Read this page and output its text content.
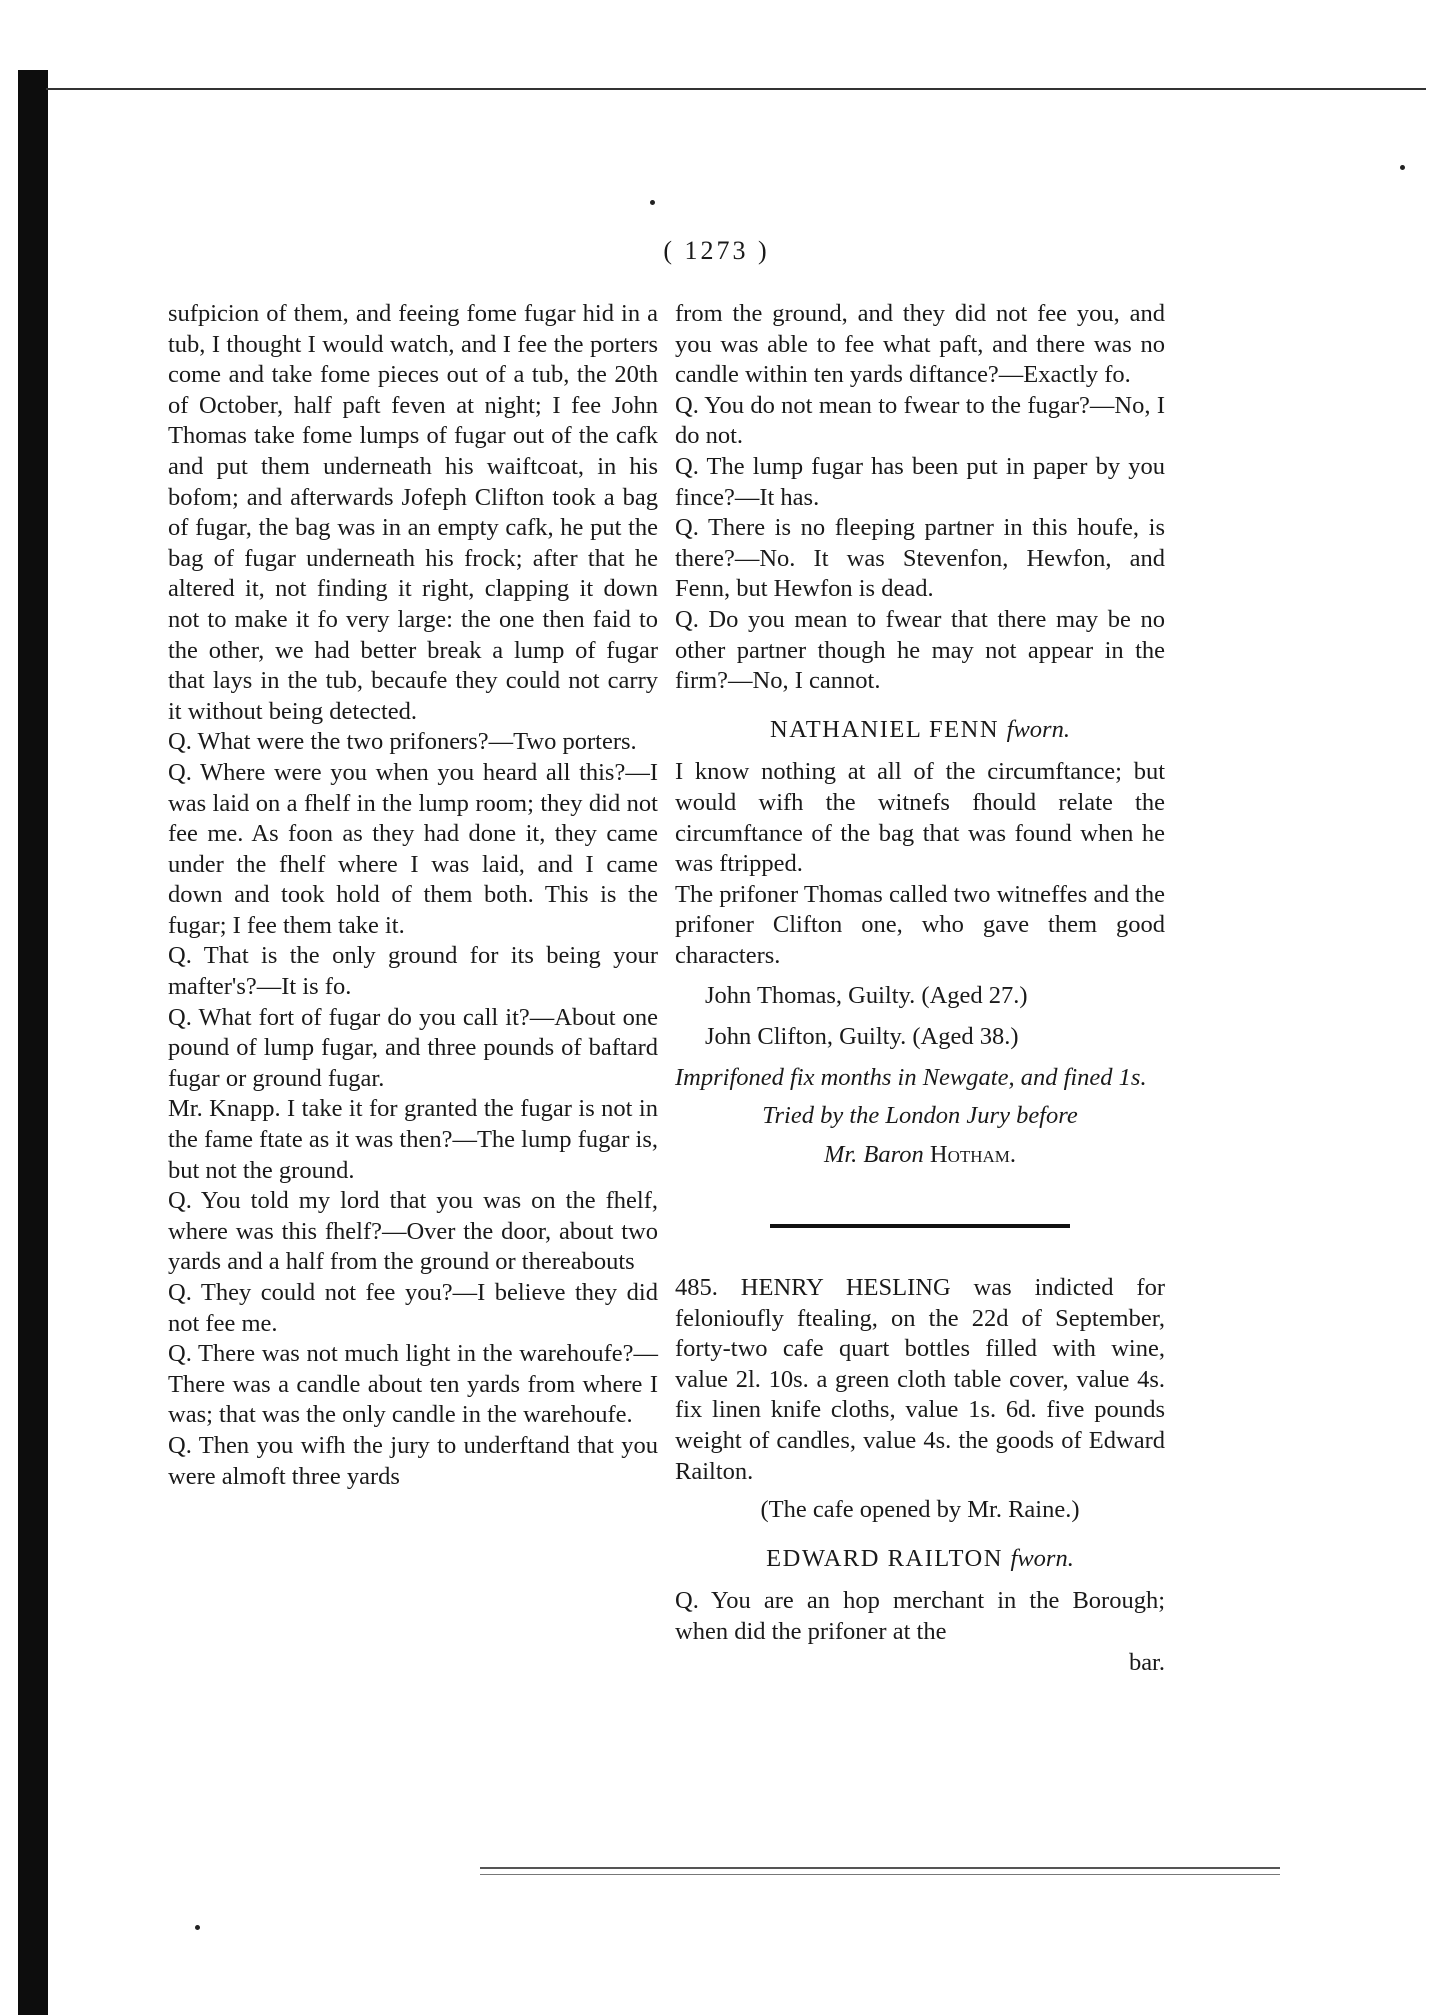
( 1273 )

sufpicion of them, and feeing fome fugar hid in a tub, I thought I would watch, and I fee the porters come and take fome pieces out of a tub, the 20th of October, half paft feven at night; I fee John Thomas take fome lumps of fugar out of the cafk and put them underneath his waiftcoat, in his bofom; and afterwards Jofeph Clifton took a bag of fugar, the bag was in an empty cafk, he put the bag of fugar underneath his frock; after that he altered it, not finding it right, clapping it down not to make it fo very large: the one then faid to the other, we had better break a lump of fugar that lays in the tub, becaufe they could not carry it without being detected.

Q. What were the two prifoners?—Two porters.

Q. Where were you when you heard all this?—I was laid on a fhelf in the lump room; they did not fee me. As foon as they had done it, they came under the fhelf where I was laid, and I came down and took hold of them both. This is the fugar; I fee them take it.

Q. That is the only ground for its being your mafter's?—It is fo.

Q. What fort of fugar do you call it?—About one pound of lump fugar, and three pounds of baftard fugar or ground fugar.

Mr. Knapp. I take it for granted the fugar is not in the fame ftate as it was then?—The lump fugar is, but not the ground.

Q. You told my lord that you was on the fhelf, where was this fhelf?—Over the door, about two yards and a half from the ground or thereabouts

Q. They could not fee you?—I believe they did not fee me.

Q. There was not much light in the warehoufe?—There was a candle about ten yards from where I was; that was the only candle in the warehoufe.

Q. Then you wifh the jury to underftand that you were almoft three yards

from the ground, and they did not fee you, and you was able to fee what paft, and there was no candle within ten yards diftance?—Exactly fo.

Q. You do not mean to fwear to the fugar?—No, I do not.

Q. The lump fugar has been put in paper by you fince?—It has.

Q. There is no fleeping partner in this houfe, is there?—No. It was Stevenfon, Hewfon, and Fenn, but Hewfon is dead.

Q. Do you mean to fwear that there may be no other partner though he may not appear in the firm?—No, I cannot.

NATHANIEL FENN fworn.

I know nothing at all of the circumftance; but would wifh the witnefs fhould relate the circumftance of the bag that was found when he was ftripped.

The prifoner Thomas called two witneffes and the prifoner Clifton one, who gave them good characters.

John Thomas, Guilty. (Aged 27.)
John Clifton, Guilty. (Aged 38.)

Imprifoned fix months in Newgate, and fined 1s.

Tried by the London Jury before
Mr. Baron Hotham.

485. HENRY HESLING was indicted for felonioufly ftealing, on the 22d of September, forty-two cafe quart bottles filled with wine, value 2l. 10s. a green cloth table cover, value 4s. fix linen knife cloths, value 1s. 6d. five pounds weight of candles, value 4s. the goods of Edward Railton.

(The cafe opened by Mr. Raine.)
EDWARD RAILTON fworn.

Q. You are an hop merchant in the Borough; when did the prifoner at the

bar.
